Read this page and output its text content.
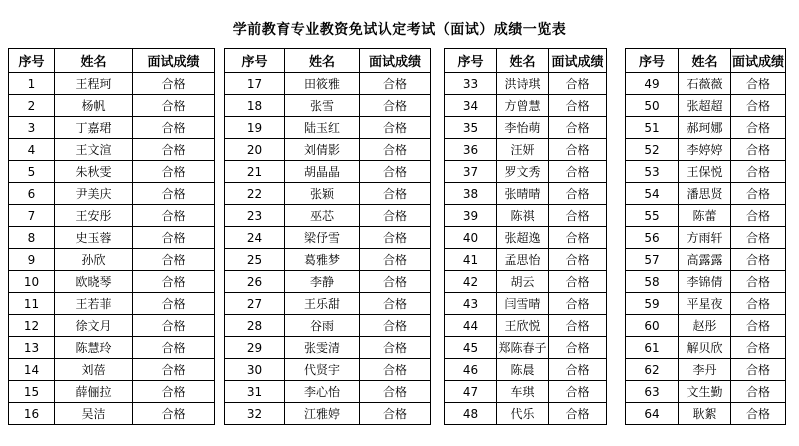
学前教育专业教资免试认定考试（面试）成绩一览表
序号	姓名	面试成绩
1	王程珂	合格
2	杨帆	合格
3	丁嘉珺	合格
4	王文渲	合格
5	朱秋雯	合格
6	尹美庆	合格
7	王安彤	合格
8	史玉蓉	合格
9	孙欣	合格
10	欧晓琴	合格
11	王若菲	合格
12	徐文月	合格
13	陈慧玲	合格
14	刘蓓	合格
15	薛俪拉	合格
16	吴洁	合格
序号	姓名	面试成绩
17	田筱雅	合格
18	张雪	合格
19	陆玉红	合格
20	刘倩影	合格
21	胡晶晶	合格
22	张颖	合格
23	巫芯	合格
24	梁伃雪	合格
25	葛雅梦	合格
26	李静	合格
27	王乐甜	合格
28	谷雨	合格
29	张雯清	合格
30	代贤宇	合格
31	李心怡	合格
32	江雅婷	合格
序号	姓名	面试成绩
33	洪诗琪	合格
34	方曾慧	合格
35	李怡萌	合格
36	汪妍	合格
37	罗文秀	合格
38	张晴晴	合格
39	陈祺	合格
40	张超逸	合格
41	孟思怡	合格
42	胡云	合格
43	闫雪晴	合格
44	王欣悦	合格
45	郑陈春子	合格
46	陈晨	合格
47	车琪	合格
48	代乐	合格
序号	姓名	面试成绩
49	石薇薇	合格
50	张超超	合格
51	郝珂娜	合格
52	李婷婷	合格
53	王保悦	合格
54	潘思贤	合格
55	陈蕾	合格
56	方雨轩	合格
57	高露露	合格
58	李锦倩	合格
59	平星夜	合格
60	赵彤	合格
61	解贝欣	合格
62	李丹	合格
63	文生勤	合格
64	耿絮	合格
